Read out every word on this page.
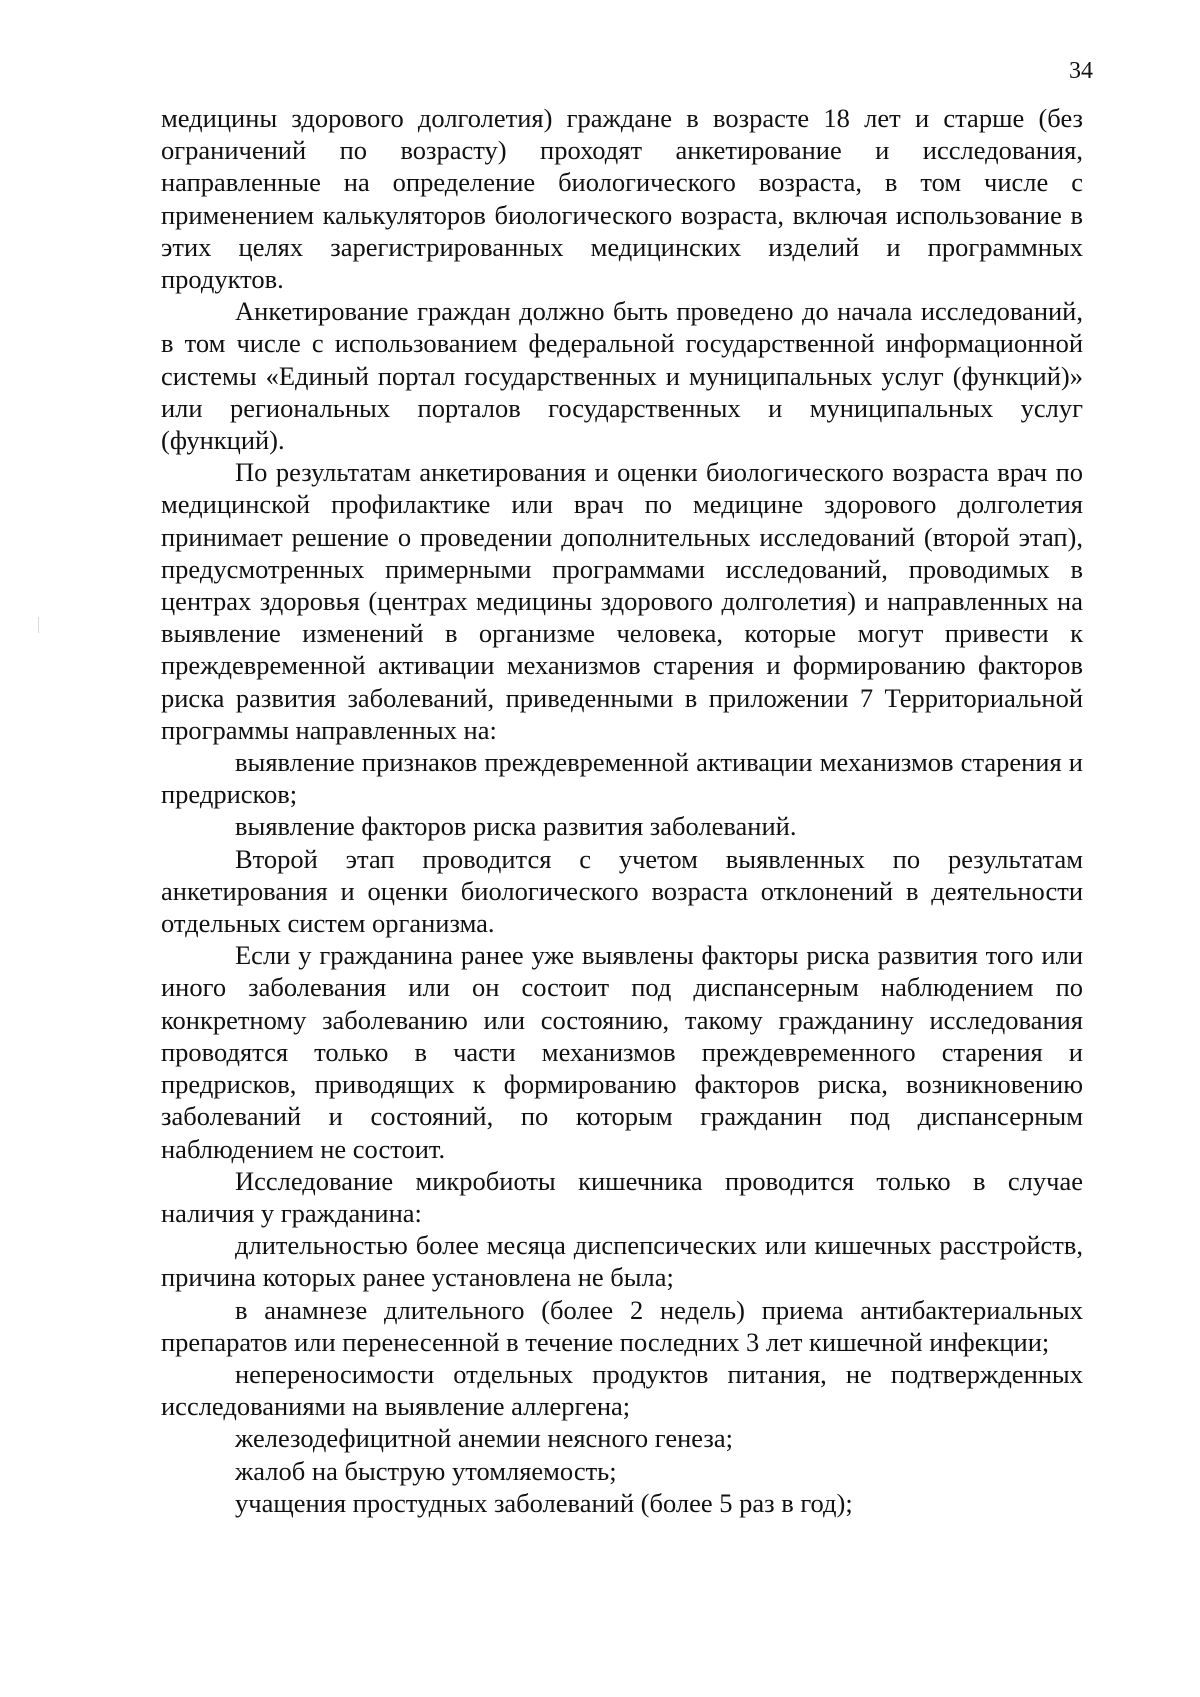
34

медицины здорового долголетия) граждане в возрасте 18 лет и старше (без ограничений по возрасту) проходят анкетирование и исследования, направленные на определение биологического возраста, в том числе с применением калькуляторов биологического возраста, включая использование в этих целях зарегистрированных медицинских изделий и программных продуктов.

Анкетирование граждан должно быть проведено до начала исследований, в том числе с использованием федеральной государственной информационной системы «Единый портал государственных и муниципальных услуг (функций)» или региональных порталов государственных и муниципальных услуг (функций).

По результатам анкетирования и оценки биологического возраста врач по медицинской профилактике или врач по медицине здорового долголетия принимает решение о проведении дополнительных исследований (второй этап), предусмотренных примерными программами исследований, проводимых в центрах здоровья (центрах медицины здорового долголетия) и направленных на выявление изменений в организме человека, которые могут привести к преждевременной активации механизмов старения и формированию факторов риска развития заболеваний, приведенными в приложении 7 Территориальной программы направленных на:

выявление признаков преждевременной активации механизмов старения и предрисков;

выявление факторов риска развития заболеваний.

Второй этап проводится с учетом выявленных по результатам анкетирования и оценки биологического возраста отклонений в деятельности отдельных систем организма.

Если у гражданина ранее уже выявлены факторы риска развития того или иного заболевания или он состоит под диспансерным наблюдением по конкретному заболеванию или состоянию, такому гражданину исследования проводятся только в части механизмов преждевременного старения и предрисков, приводящих к формированию факторов риска, возникновению заболеваний и состояний, по которым гражданин под диспансерным наблюдением не состоит.

Исследование микробиоты кишечника проводится только в случае наличия у гражданина:

длительностью более месяца диспепсических или кишечных расстройств, причина которых ранее установлена не была;

в анамнезе длительного (более 2 недель) приема антибактериальных препаратов или перенесенной в течение последних 3 лет кишечной инфекции;

непереносимости отдельных продуктов питания, не подтвержденных исследованиями на выявление аллергена;

железодефицитной анемии неясного генеза;

жалоб на быструю утомляемость;

учащения простудных заболеваний (более 5 раз в год);
